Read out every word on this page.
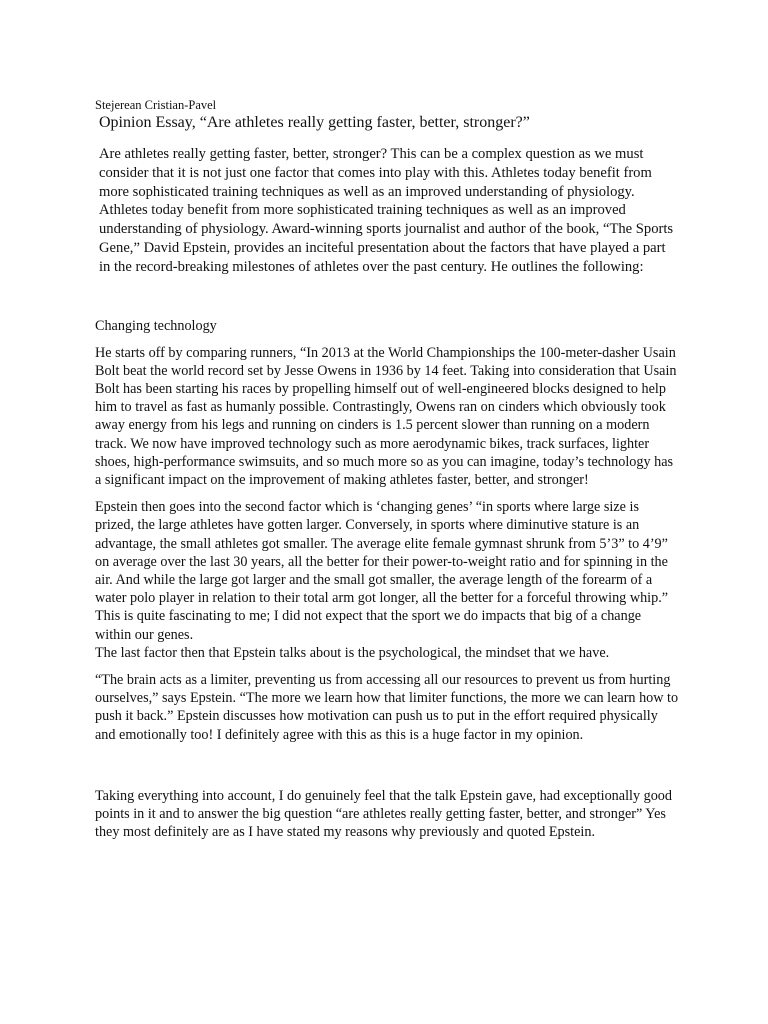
Stejerean Cristian-Pavel

Opinion Essay, “Are athletes really getting faster, better, stronger?”

Are athletes really getting faster, better, stronger? This can be a complex question as we must consider that it is not just one factor that comes into play with this. Athletes today benefit from more sophisticated training techniques as well as an improved understanding of physiology. Athletes today benefit from more sophisticated training techniques as well as an improved understanding of physiology. Award-winning sports journalist and author of the book, “The Sports Gene,” David Epstein, provides an inciteful presentation about the factors that have played a part in the record-breaking milestones of athletes over the past century. He outlines the following:

Changing technology

He starts off by comparing runners, “In 2013 at the World Championships the 100-meter-dasher Usain Bolt beat the world record set by Jesse Owens in 1936 by 14 feet. Taking into consideration that Usain Bolt has been starting his races by propelling himself out of well-engineered blocks designed to help him to travel as fast as humanly possible. Contrastingly, Owens ran on cinders which obviously took away energy from his legs and running on cinders is 1.5 percent slower than running on a modern track. We now have improved technology such as more aerodynamic bikes, track surfaces, lighter shoes, high-performance swimsuits, and so much more so as you can imagine, today’s technology has a significant impact on the improvement of making athletes faster, better, and stronger!

Epstein then goes into the second factor which is ‘changing genes’ “in sports where large size is prized, the large athletes have gotten larger. Conversely, in sports where diminutive stature is an advantage, the small athletes got smaller. The average elite female gymnast shrunk from 5’3” to 4’9” on average over the last 30 years, all the better for their power-to-weight ratio and for spinning in the air. And while the large got larger and the small got smaller, the average length of the forearm of a water polo player in relation to their total arm got longer, all the better for a forceful throwing whip.” This is quite fascinating to me; I did not expect that the sport we do impacts that big of a change within our genes.

The last factor then that Epstein talks about is the psychological, the mindset that we have.

“The brain acts as a limiter, preventing us from accessing all our resources to prevent us from hurting ourselves,” says Epstein. “The more we learn how that limiter functions, the more we can learn how to push it back.” Epstein discusses how motivation can push us to put in the effort required physically and emotionally too! I definitely agree with this as this is a huge factor in my opinion.

Taking everything into account, I do genuinely feel that the talk Epstein gave, had exceptionally good points in it and to answer the big question “are athletes really getting faster, better, and stronger” Yes they most definitely are as I have stated my reasons why previously and quoted Epstein.
